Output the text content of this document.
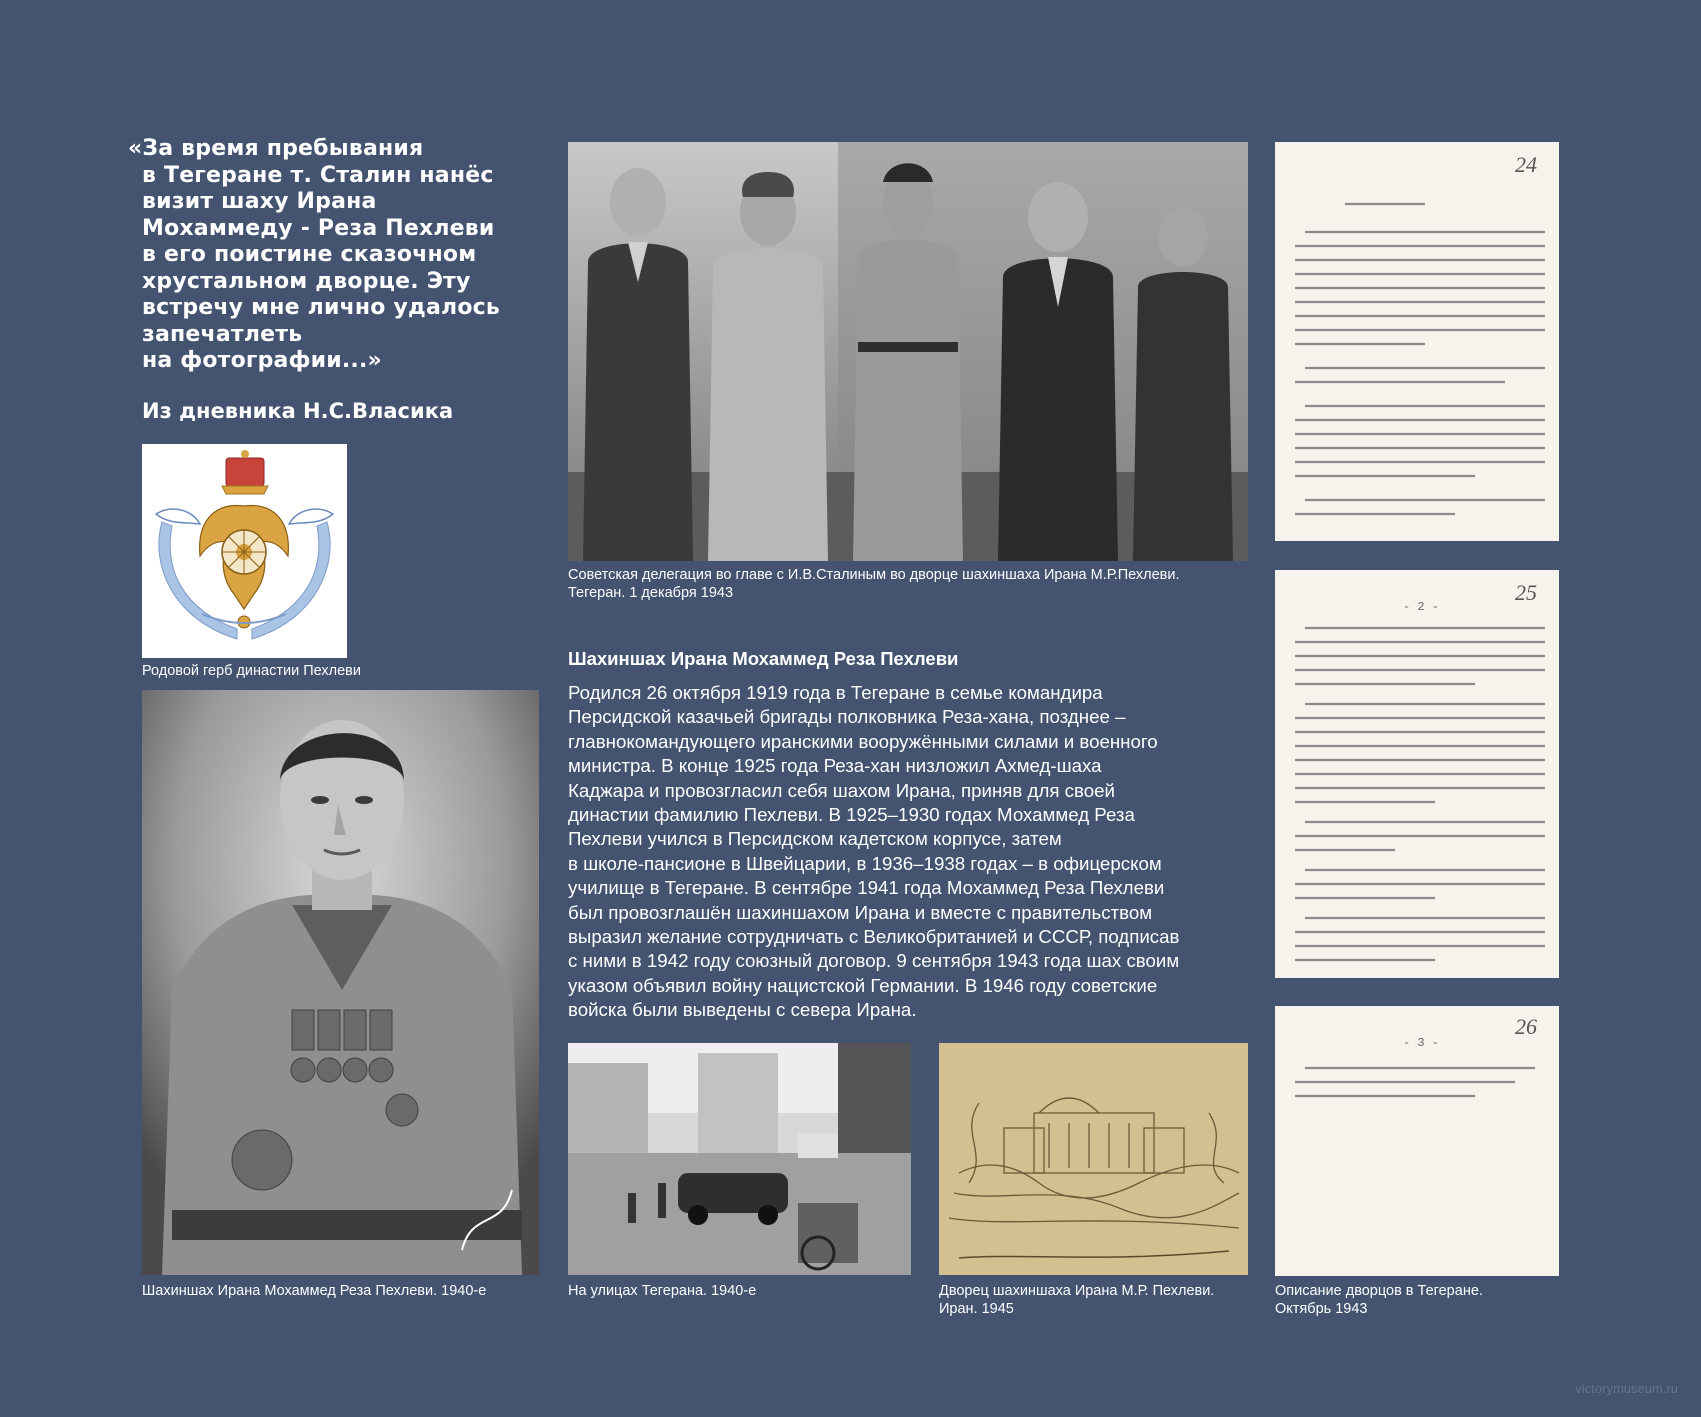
«За время пребывания
в Тегеране т. Сталин нанёс
визит шаху Ирана
Мохаммеду - Реза Пехлеви
в его поистине сказочном
хрустальном дворце. Эту
встречу мне лично удалось
запечатлеть
на фотографии...»
Из дневника Н.С.Власика
Родовой герб династии Пехлеви
Шахиншах Ирана Мохаммед Реза Пехлеви. 1940-е
Советская делегация во главе с И.В.Сталиным во дворце шахиншаха Ирана М.Р.Пехлеви.
Тегеран. 1 декабря 1943
Шахиншах Ирана Мохаммед Реза Пехлеви
Родился 26 октября 1919 года в Тегеране в семье командира
Персидской казачьей бригады полковника Реза-хана, позднее –
главнокомандующего иранскими вооружёнными силами и военного
министра. В конце 1925 года Реза-хан низложил Ахмед-шаха
Каджара и провозгласил себя шахом Ирана, приняв для своей
династии фамилию Пехлеви. В 1925–1930 годах Мохаммед Реза
Пехлеви учился в Персидском кадетском корпусе, затем
в школе-пансионе в Швейцарии, в 1936–1938 годах – в офицерском
училище в Тегеране. В сентябре 1941 года Мохаммед Реза Пехлеви
был провозглашён шахиншахом Ирана и вместе с правительством
выразил желание сотрудничать с Великобританией и СССР, подписав
с ними в 1942 году союзный договор. 9 сентября 1943 года шах своим
указом объявил войну нацистской Германии. В 1946 году советские
войска были выведены с севера Ирана.
На улицах Тегерана. 1940-е	Дворец шахиншаха Ирана М.Р. Пехлеви.
Иран. 1945
24
25
- 2 -
26
- 3 -
Описание дворцов в Тегеране.
Октябрь 1943
victorymuseum.ru
